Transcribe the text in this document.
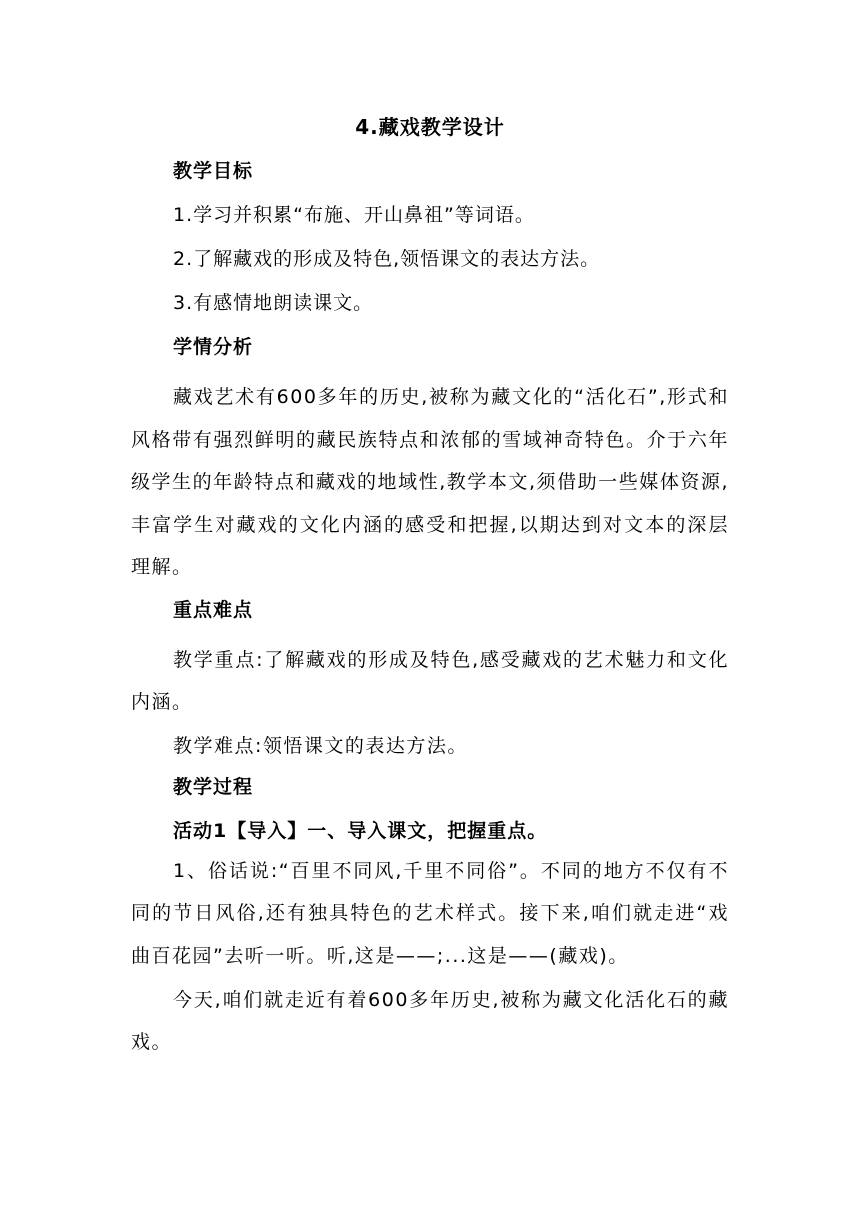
4.藏戏教学设计
教学目标
1.学习并积累“布施、开山鼻祖”等词语。
2.了解藏戏的形成及特色,领悟课文的表达方法。
3.有感情地朗读课文。
学情分析
藏戏艺术有600多年的历史,被称为藏文化的“活化石”,形式和风格带有强烈鲜明的藏民族特点和浓郁的雪域神奇特色。介于六年级学生的年龄特点和藏戏的地域性,教学本文,须借助一些媒体资源,丰富学生对藏戏的文化内涵的感受和把握,以期达到对文本的深层理解。
重点难点
教学重点:了解藏戏的形成及特色,感受藏戏的艺术魅力和文化内涵。
教学难点:领悟课文的表达方法。
教学过程
活动1【导入】一、导入课文，把握重点。
1、俗话说:“百里不同风,千里不同俗”。不同的地方不仅有不同的节日风俗,还有独具特色的艺术样式。接下来,咱们就走进“戏曲百花园”去听一听。听,这是——;...这是——(藏戏)。
今天,咱们就走近有着600多年历史,被称为藏文化活化石的藏戏。
